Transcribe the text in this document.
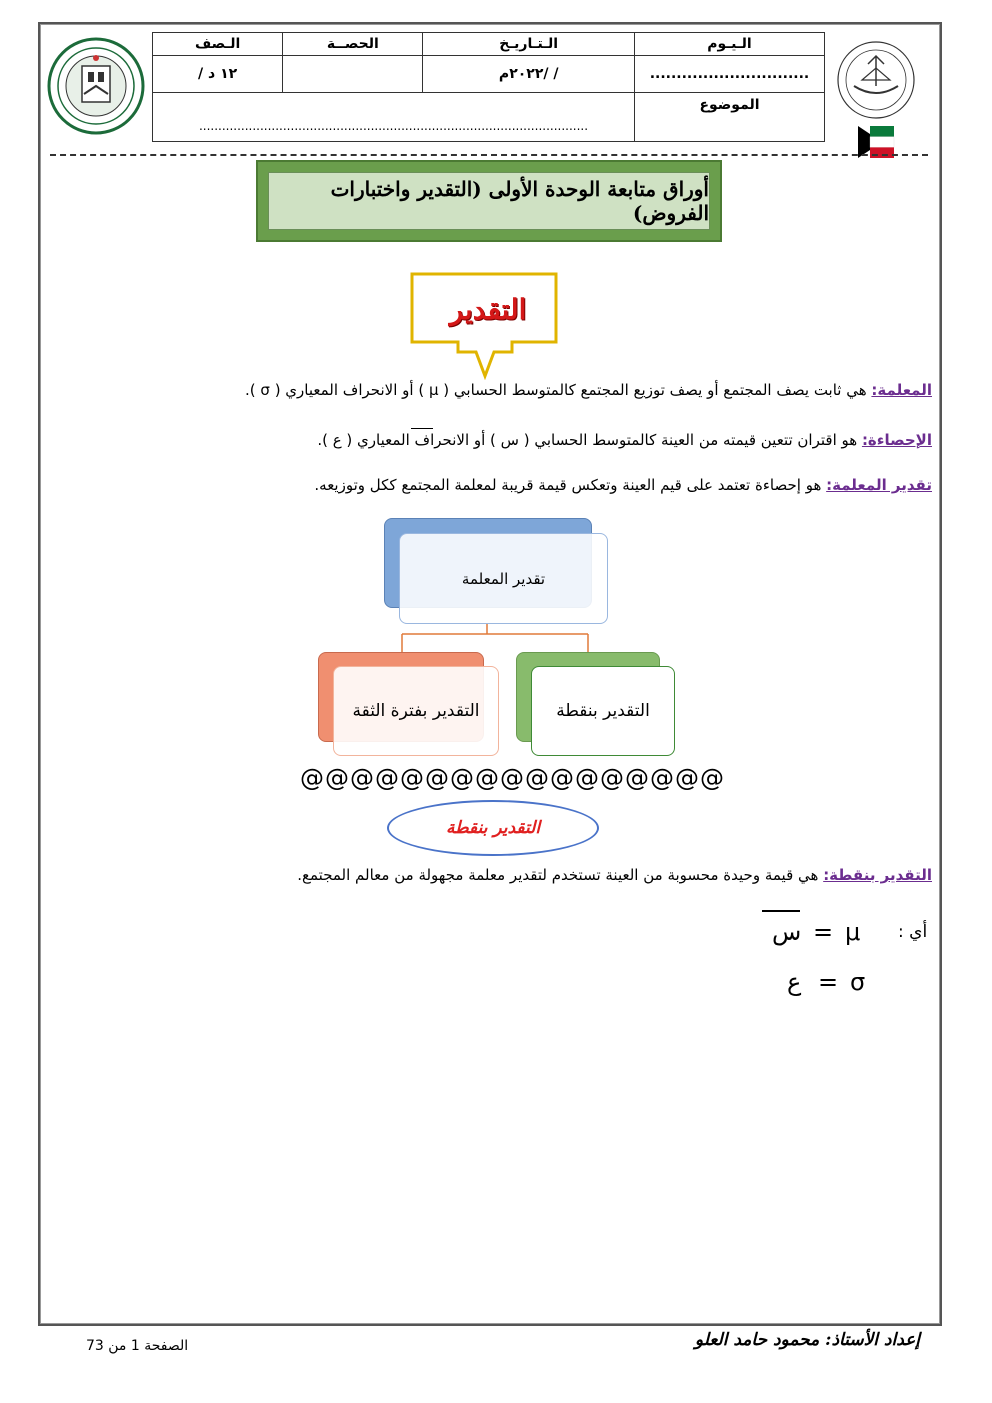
الـيـوم	الـتـاريـخ	الحصــة	الـصف
..............................	/ /٢٠٢٢م		١٢ د /
الموضوع	......................................................................................................		
أوراق متابعة الوحدة الأولى (التقدير واختبارات الفروض)
التقدير
المعلمة: هي ثابت يصف المجتمع أو يصف توزيع المجتمع كالمتوسط الحسابي ( μ ) أو الانحراف المعياري ( σ ).
الإحصاءة: هو اقتران تتعين قيمته من العينة كالمتوسط الحسابي ( س ) أو الانحراف المعياري ( ع ).
تقدير المعلمة: هو إحصاءة تعتمد على قيم العينة وتعكس قيمة قريبة لمعلمة المجتمع ككل وتوزيعه.
تقدير المعلمة
التقدير بفترة الثقة	التقدير بنقطة
@@@@@@@@@@@@@@@@@
التقدير بنقطة
التقدير بنقطة: هي قيمة وحيدة محسوبة من العينة تستخدم لتقدير معلمة مجهولة من معالم المجتمع.
س = μ أي :
ع = σ
الصفحة 1 من 73	إعداد الأستاذ: محمود حامد العلو
